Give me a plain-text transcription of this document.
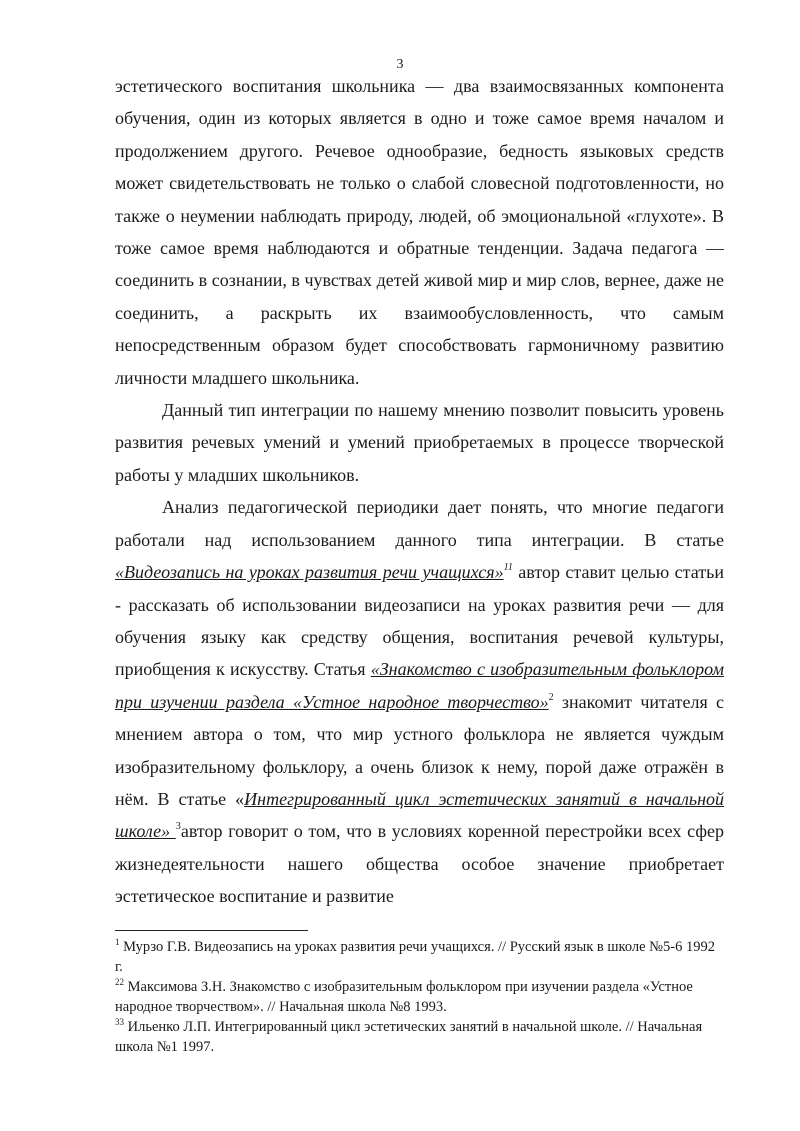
3

эстетического воспитания школьника — два взаимосвязанных компонента обучения, один из которых является в одно и тоже самое время началом и продолжением другого. Речевое однообразие, бедность языковых средств может свидетельствовать не только о слабой словесной подготовленности, но также о неумении наблюдать природу, людей, об эмоциональной «глухоте». В тоже самое время наблюдаются и обратные тенденции. Задача педагога — соединить в сознании, в чувствах детей живой мир и мир слов, вернее, даже не соединить, а раскрыть их взаимообусловленность, что самым непосредственным образом будет способствовать гармоничному развитию личности младшего школьника.

Данный тип интеграции по нашему мнению позволит повысить уровень развития речевых умений и умений приобретаемых в процессе творческой работы у младших школьников.

Анализ педагогической периодики дает понять, что многие педагоги работали над использованием данного типа интеграции. В статье «Видеозапись на уроках развития речи учащихся»$^{11}$ автор ставит целью статьи - рассказать об использовании видеозаписи на уроках развития речи — для обучения языку как средству общения, воспитания речевой культуры, приобщения к искусству. Статья «Знакомство с изобразительным фольклором при изучении раздела «Устное народное творчество»$^2$ знакомит читателя с мнением автора о том, что мир устного фольклора не является чуждым изобразительному фольклору, а очень близок к нему, порой даже отражён в нём. В статье «Интегрированный цикл эстетических занятий в начальной школе» $^3$автор говорит о том, что в условиях коренной перестройки всех сфер жизнедеятельности нашего общества особое значение приобретает эстетическое воспитание и развитие

$^1$ Мурзо Г.В. Видеозапись на уроках развития речи учащихся. // Русский язык в школе №5-6 1992 г.

$^{22}$ Максимова З.Н. Знакомство с изобразительным фольклором при изучении раздела «Устное народное творчеством». // Начальная школа №8 1993.

$^{33}$ Ильенко Л.П. Интегрированный цикл эстетических занятий в начальной школе. // Начальная школа №1 1997.
